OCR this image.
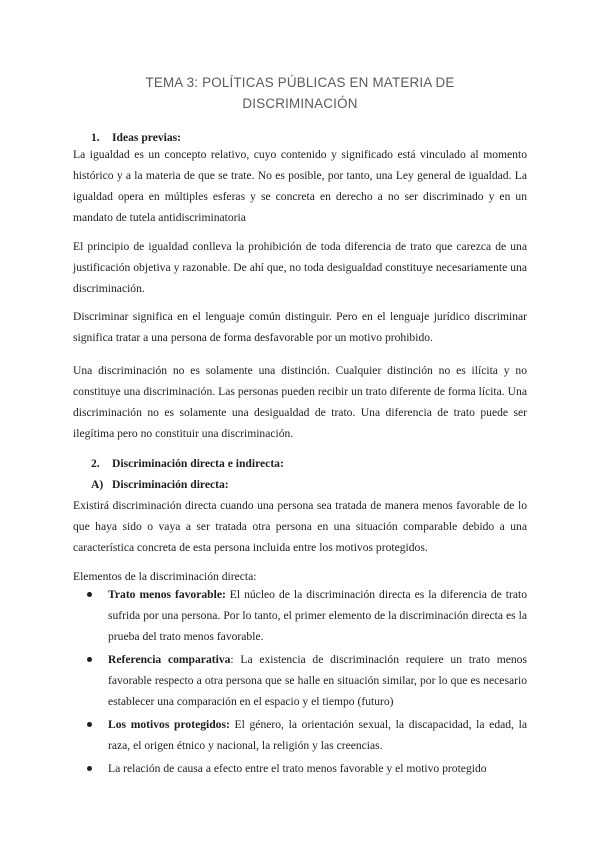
TEMA 3: POLÍTICAS PÚBLICAS EN MATERIA DE
DISCRIMINACIÓN
1. Ideas previas:
La igualdad es un concepto relativo, cuyo contenido y significado está vinculado al momento histórico y a la materia de que se trate. No es posible, por tanto, una Ley general de igualdad. La igualdad opera en múltiples esferas y se concreta en derecho a no ser discriminado y en un mandato de tutela antidiscriminatoria
El principio de igualdad conlleva la prohibición de toda diferencia de trato que carezca de una justificación objetiva y razonable. De ahí que, no toda desigualdad constituye necesariamente una discriminación.
Discriminar significa en el lenguaje común distinguir. Pero en el lenguaje jurídico discriminar significa tratar a una persona de forma desfavorable por un motivo prohibido.
Una discriminación no es solamente una distinción. Cualquier distinción no es ilícita y no constituye una discriminación. Las personas pueden recibir un trato diferente de forma lícita. Una discriminación no es solamente una desigualdad de trato. Una diferencia de trato puede ser ilegítima pero no constituir una discriminación.
2. Discriminación directa e indirecta:
A) Discriminación directa:
Existirá discriminación directa cuando una persona sea tratada de manera menos favorable de lo que haya sido o vaya a ser tratada otra persona en una situación comparable debido a una característica concreta de esta persona incluida entre los motivos protegidos.
Elementos de la discriminación directa:
Trato menos favorable: El núcleo de la discriminación directa es la diferencia de trato sufrida por una persona. Por lo tanto, el primer elemento de la discriminación directa es la prueba del trato menos favorable.
Referencia comparativa: La existencia de discriminación requiere un trato menos favorable respecto a otra persona que se halle en situación similar, por lo que es necesario establecer una comparación en el espacio y el tiempo (futuro)
Los motivos protegidos: El género, la orientación sexual, la discapacidad, la edad, la raza, el origen étnico y nacional, la religión y las creencias.
La relación de causa a efecto entre el trato menos favorable y el motivo protegido
